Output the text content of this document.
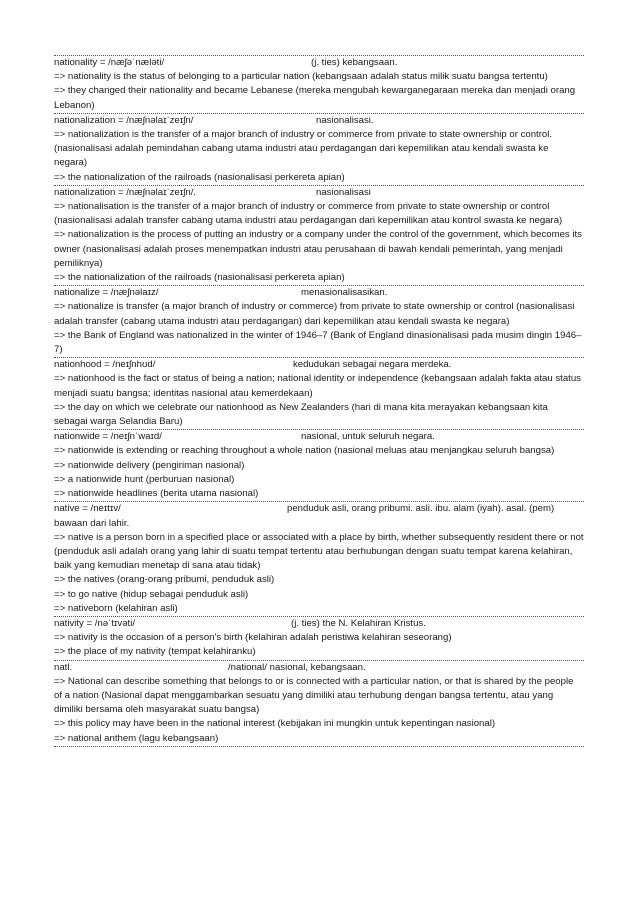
nationality = /næʃəˈnæləti/	(j. ties) kebangsaan.
=> nationality is the status of belonging to a particular nation (kebangsaan adalah status milik suatu bangsa tertentu)
=> they changed their nationality and became Lebanese (mereka mengubah kewarganegaraan mereka dan menjadi orang Lebanon)
nationalization = /næʃnəlaɪˈzeɪʃn/	nasionalisasi.
=> nationalization is the transfer of a major branch of industry or commerce from private to state ownership or control. (nasionalisasi adalah pemindahan cabang utama industri atau perdagangan dari kepemilikan atau kendali swasta ke negara)
=> the nationalization of the railroads (nasionalisasi perkereta apian)
nationalization = /næʃnəlaɪˈzeɪʃn/.	nasionalisasi
=> nationalisation is the transfer of a major branch of industry or commerce from private to state ownership or control (nasionalisasi adalah transfer cabang utama industri atau perdagangan dari kepemilikan atau kontrol swasta ke negara)
=> nationalization is the process of putting an industry or a company under the control of the government, which becomes its owner (nasionalisasi adalah proses menempatkan industri atau perusahaan di bawah kendali pemerintah, yang menjadi pemiliknya)
=> the nationalization of the railroads (nasionalisasi perkereta apian)
nationalize = /næʃnəlaɪz/	menasionalisasikan.
=> nationalize is transfer (a major branch of industry or commerce) from private to state ownership or control (nasionalisasi adalah transfer (cabang utama industri atau perdagangan) dari kepemilikan atau kendali swasta ke negara)
=> the Bank of England was nationalized in the winter of 1946–7 (Bank of England dinasionalisasi pada musim dingin 1946–7)
nationhood = /neɪʃnhʊd/	kedudukan sebagai negara merdeka.
=> nationhood is the fact or status of being a nation; national identity or independence (kebangsaan adalah fakta atau status menjadi suatu bangsa; identitas nasional atau kemerdekaan)
=> the day on which we celebrate our nationhood as New Zealanders (hari di mana kita merayakan kebangsaan kita sebagai warga Selandia Baru)
nationwide = /neɪʃnˈwaɪd/	nasional, untuk seluruh negara.
=> nationwide is extending or reaching throughout a whole nation (nasional meluas atau menjangkau seluruh bangsa)
=> nationwide delivery (pengiriman nasional)
=> a nationwide hunt (perburuan nasional)
=> nationwide headlines (berita utama nasional)
native = /neɪtɪv/	penduduk asli, orang pribumi. asli. ibu. alam (iyah). asal. (pem) bawaan dari lahir.
=> native is a person born in a specified place or associated with a place by birth, whether subsequently resident there or not (penduduk asli adalah orang yang lahir di suatu tempat tertentu atau berhubungan dengan suatu tempat karena kelahiran, baik yang kemudian menetap di sana atau tidak)
=> the natives (orang-orang pribumi, penduduk asli)
=> to go native (hidup sebagai penduduk asli)
=> nativeborn (kelahiran asli)
nativity = /nəˈtɪvəti/	(j. ties) the N. Kelahiran Kristus.
=> nativity is the occasion of a person's birth (kelahiran adalah peristiwa kelahiran seseorang)
=> the place of my nativity (tempat kelahiranku)
natl.	/national/ nasional, kebangsaan.
=> National can describe something that belongs to or is connected with a particular nation, or that is shared by the people of a nation (Nasional dapat menggambarkan sesuatu yang dimiliki atau terhubung dengan bangsa tertentu, atau yang dimiliki bersama oleh masyarakat suatu bangsa)
=> this policy may have been in the national interest (kebijakan ini mungkin untuk kepentingan nasional)
=> national anthem (lagu kebangsaan)
